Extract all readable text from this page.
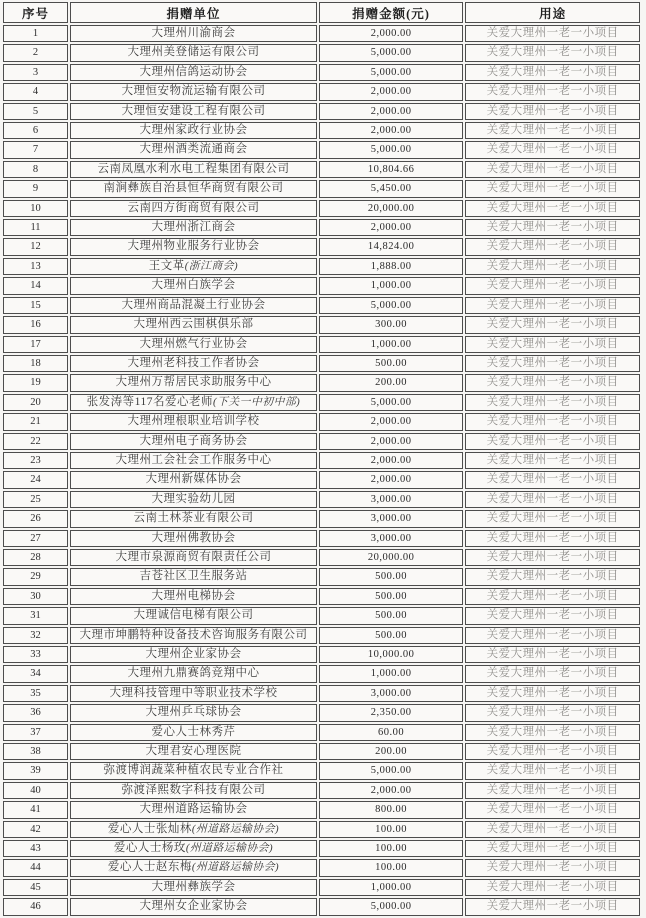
序号	捐赠单位	捐赠金额(元)	用途
1	大理州川渝商会	2,000.00	关爱大理州一老一小项目
2	大理州美登储运有限公司	5,000.00	关爱大理州一老一小项目
3	大理州信鸽运动协会	5,000.00	关爱大理州一老一小项目
4	大理恒安物流运输有限公司	2,000.00	关爱大理州一老一小项目
5	大理恒安建设工程有限公司	2,000.00	关爱大理州一老一小项目
6	大理州家政行业协会	2,000.00	关爱大理州一老一小项目
7	大理州酒类流通商会	5,000.00	关爱大理州一老一小项目
8	云南凤凰水利水电工程集团有限公司	10,804.66	关爱大理州一老一小项目
9	南涧彝族自治县恒华商贸有限公司	5,450.00	关爱大理州一老一小项目
10	云南四方街商贸有限公司	20,000.00	关爱大理州一老一小项目
11	大理州浙江商会	2,000.00	关爱大理州一老一小项目
12	大理州物业服务行业协会	14,824.00	关爱大理州一老一小项目
13	王文革(浙江商会)	1,888.00	关爱大理州一老一小项目
14	大理州白族学会	1,000.00	关爱大理州一老一小项目
15	大理州商品混凝土行业协会	5,000.00	关爱大理州一老一小项目
16	大理州西云围棋俱乐部	300.00	关爱大理州一老一小项目
17	大理州燃气行业协会	1,000.00	关爱大理州一老一小项目
18	大理州老科技工作者协会	500.00	关爱大理州一老一小项目
19	大理州万帮居民求助服务中心	200.00	关爱大理州一老一小项目
20	张发涛等117名爱心老师(下关一中初中部)	5,000.00	关爱大理州一老一小项目
21	大理州理根职业培训学校	2,000.00	关爱大理州一老一小项目
22	大理州电子商务协会	2,000.00	关爱大理州一老一小项目
23	大理州工会社会工作服务中心	2,000.00	关爱大理州一老一小项目
24	大理州新媒体协会	2,000.00	关爱大理州一老一小项目
25	大理实验幼儿园	3,000.00	关爱大理州一老一小项目
26	云南土林茶业有限公司	3,000.00	关爱大理州一老一小项目
27	大理州佛教协会	3,000.00	关爱大理州一老一小项目
28	大理市泉源商贸有限责任公司	20,000.00	关爱大理州一老一小项目
29	吉苍社区卫生服务站	500.00	关爱大理州一老一小项目
30	大理州电梯协会	500.00	关爱大理州一老一小项目
31	大理诚信电梯有限公司	500.00	关爱大理州一老一小项目
32	大理市坤鹏特种设备技术咨询服务有限公司	500.00	关爱大理州一老一小项目
33	大理州企业家协会	10,000.00	关爱大理州一老一小项目
34	大理州九鼎赛鸽竞翔中心	1,000.00	关爱大理州一老一小项目
35	大理科技管理中等职业技术学校	3,000.00	关爱大理州一老一小项目
36	大理州乒乓球协会	2,350.00	关爱大理州一老一小项目
37	爱心人士林秀芹	60.00	关爱大理州一老一小项目
38	大理君安心理医院	200.00	关爱大理州一老一小项目
39	弥渡博润蔬菜种植农民专业合作社	5,000.00	关爱大理州一老一小项目
40	弥渡泽熙数字科技有限公司	2,000.00	关爱大理州一老一小项目
41	大理州道路运输协会	800.00	关爱大理州一老一小项目
42	爱心人士张灿林(州道路运输协会)	100.00	关爱大理州一老一小项目
43	爱心人士杨玫(州道路运输协会)	100.00	关爱大理州一老一小项目
44	爱心人士赵东梅(州道路运输协会)	100.00	关爱大理州一老一小项目
45	大理州彝族学会	1,000.00	关爱大理州一老一小项目
46	大理州女企业家协会	5,000.00	关爱大理州一老一小项目
